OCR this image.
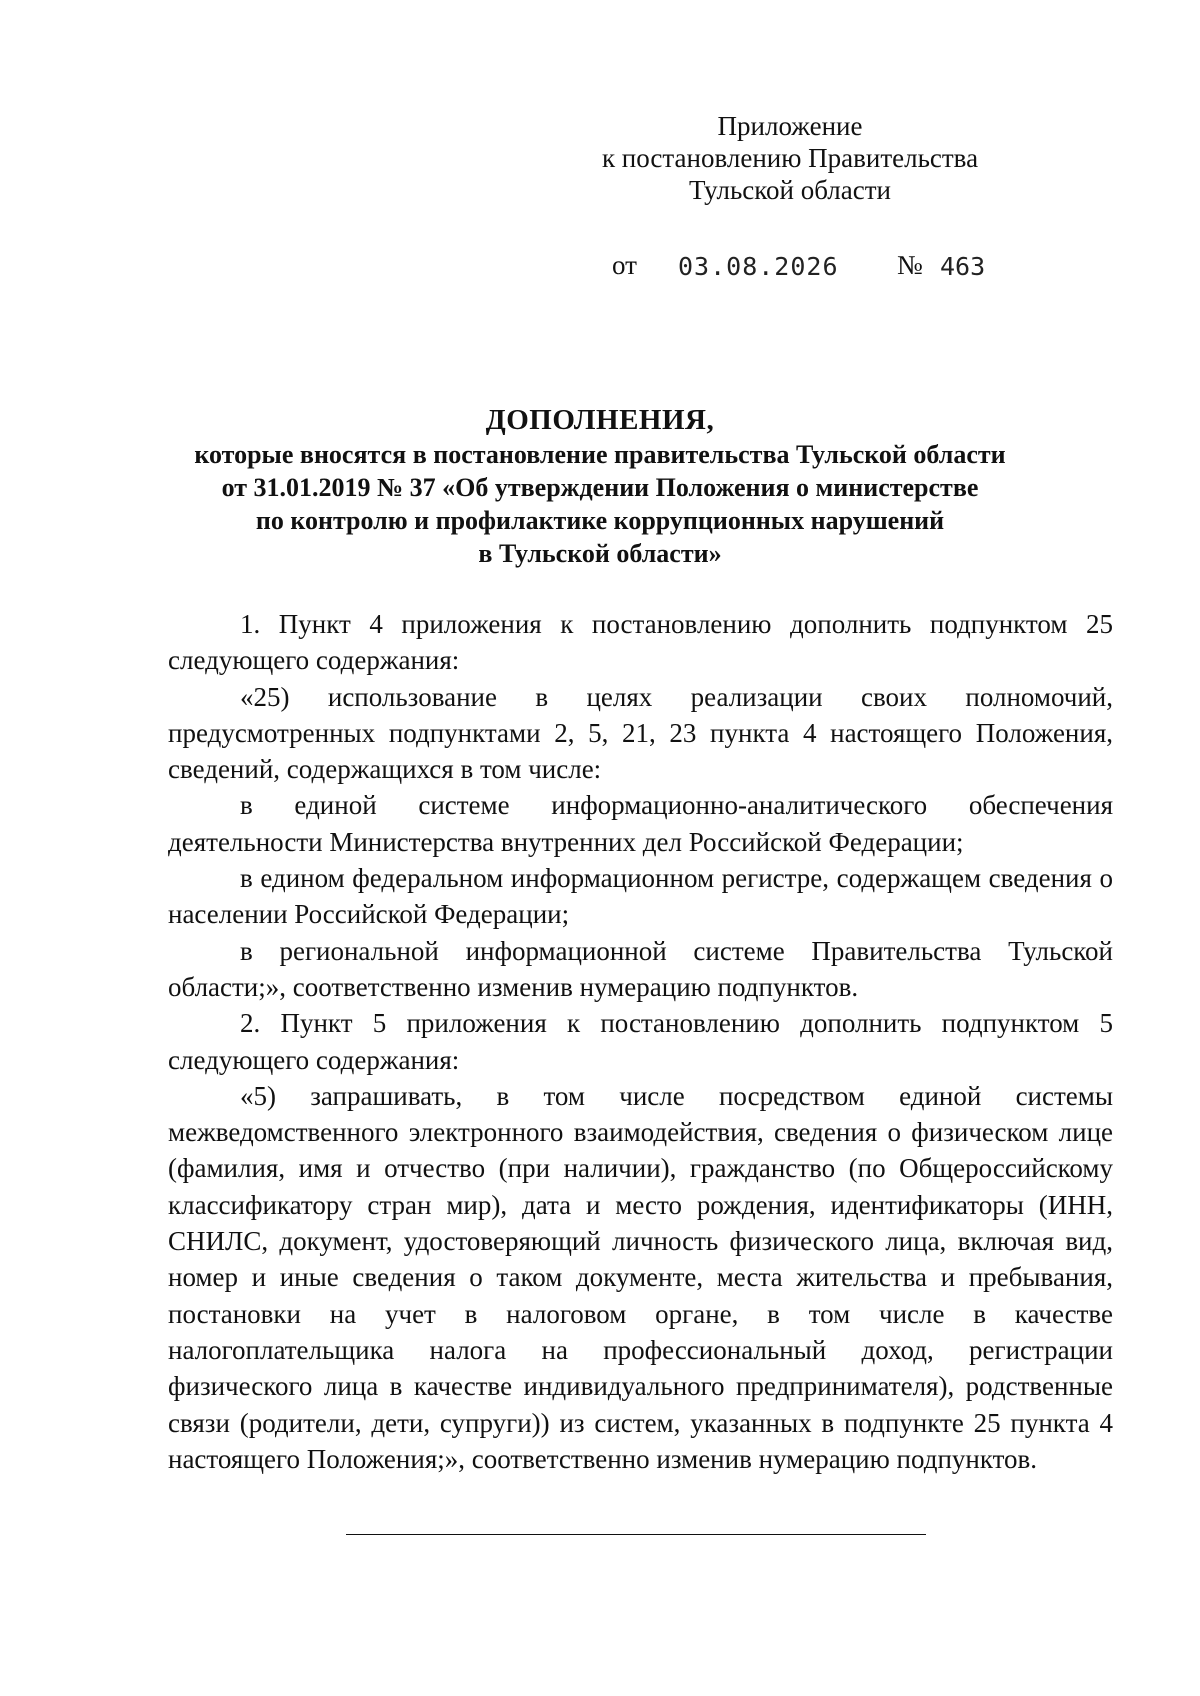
Приложение
к постановлению Правительства
Тульской области
от 03.08.2026 № 463
ДОПОЛНЕНИЯ,
которые вносятся в постановление правительства Тульской области
от 31.01.2019 № 37 «Об утверждении Положения о министерстве
по контролю и профилактике коррупционных нарушений
в Тульской области»

1. Пункт 4 приложения к постановлению дополнить подпунктом 25 следующего содержания:

«25) использование в целях реализации своих полномочий, предусмотренных подпунктами 2, 5, 21, 23 пункта 4 настоящего Положения, сведений, содержащихся в том числе:

в единой системе информационно-аналитического обеспечения деятельности Министерства внутренних дел Российской Федерации;

в едином федеральном информационном регистре, содержащем сведения о населении Российской Федерации;

в региональной информационной системе Правительства Тульской области;», соответственно изменив нумерацию подпунктов.

2. Пункт 5 приложения к постановлению дополнить подпунктом 5 следующего содержания:

«5) запрашивать, в том числе посредством единой системы межведомственного электронного взаимодействия, сведения о физическом лице (фамилия, имя и отчество (при наличии), гражданство (по Общероссийскому классификатору стран мир), дата и место рождения, идентификаторы (ИНН, СНИЛС, документ, удостоверяющий личность физического лица, включая вид, номер и иные сведения о таком документе, места жительства и пребывания, постановки на учет в налоговом органе, в том числе в качестве налогоплательщика налога на профессиональный доход, регистрации физического лица в качестве индивидуального предпринимателя), родственные связи (родители, дети, супруги)) из систем, указанных в подпункте 25 пункта 4 настоящего Положения;», соответственно изменив нумерацию подпунктов.
